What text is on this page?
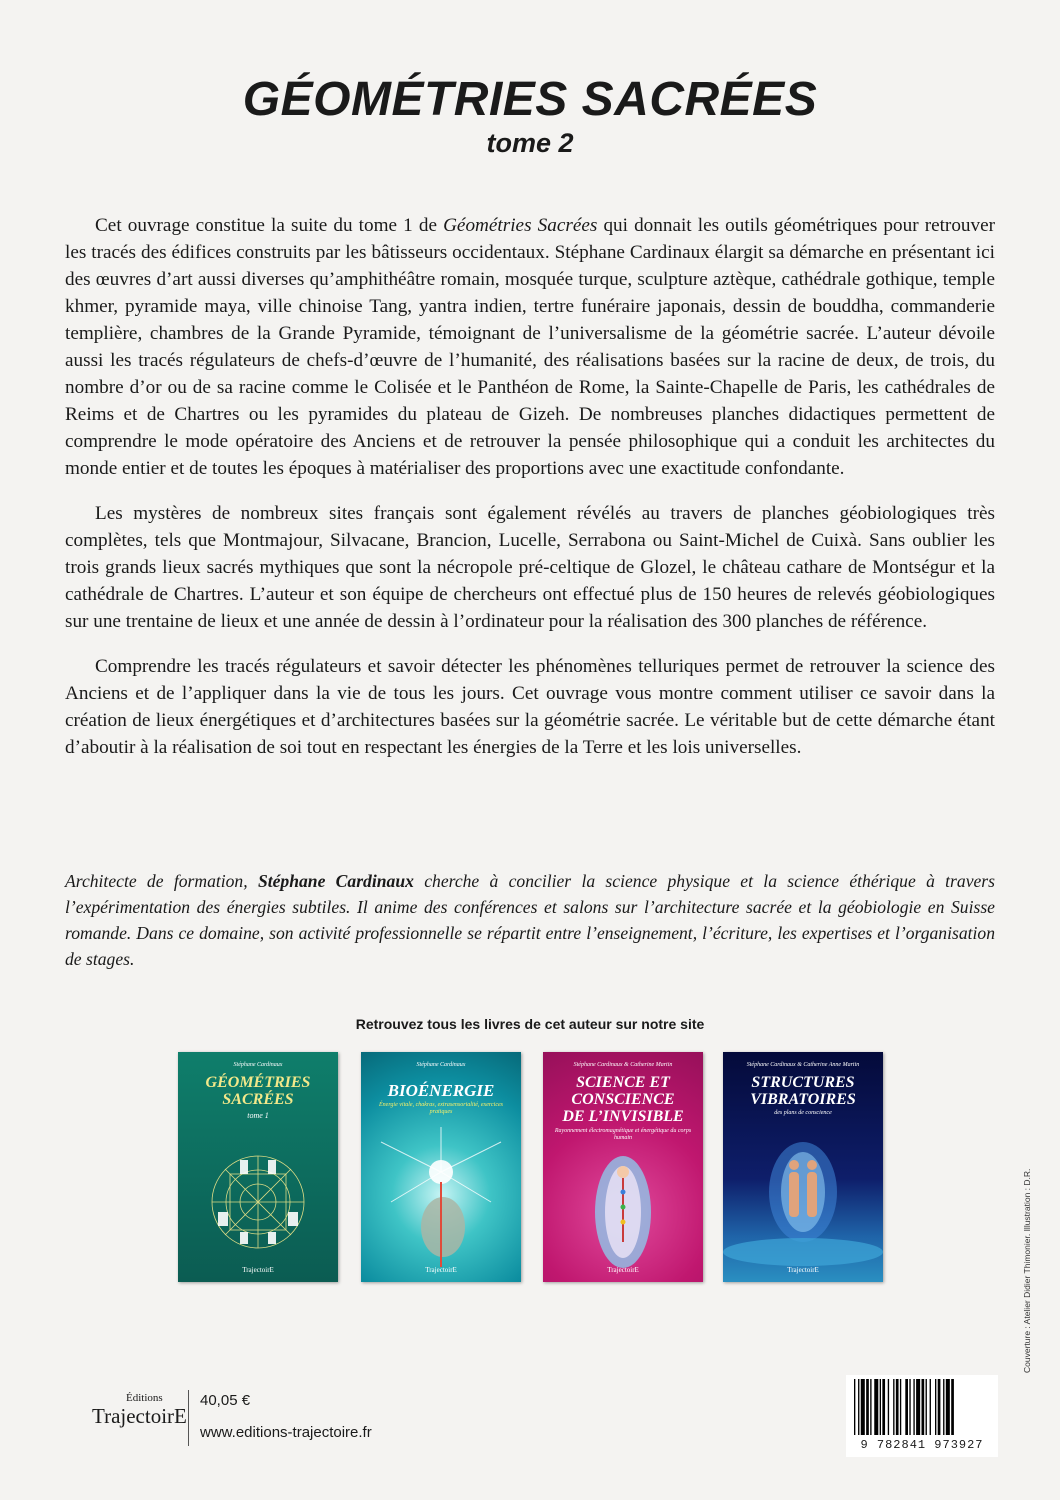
GÉOMÉTRIES SACRÉES
tome 2

Cet ouvrage constitue la suite du tome 1 de Géométries Sacrées qui donnait les outils géométriques pour retrouver les tracés des édifices construits par les bâtisseurs occidentaux. Stéphane Cardinaux élargit sa démarche en présentant ici des œuvres d’art aussi diverses qu’amphithéâtre romain, mosquée turque, sculpture aztèque, cathédrale gothique, temple khmer, pyramide maya, ville chinoise Tang, yantra indien, tertre funéraire japonais, dessin de bouddha, commanderie templière, chambres de la Grande Pyramide, témoignant de l’universalisme de la géométrie sacrée. L’auteur dévoile aussi les tracés régulateurs de chefs-d’œuvre de l’humanité, des réalisations basées sur la racine de deux, de trois, du nombre d’or ou de sa racine comme le Colisée et le Panthéon de Rome, la Sainte-Chapelle de Paris, les cathédrales de Reims et de Chartres ou les pyramides du plateau de Gizeh. De nombreuses planches didactiques permettent de comprendre le mode opératoire des Anciens et de retrouver la pensée philosophique qui a conduit les architectes du monde entier et de toutes les époques à matérialiser des proportions avec une exactitude confondante.

Les mystères de nombreux sites français sont également révélés au travers de planches géobiologiques très complètes, tels que Montmajour, Silvacane, Brancion, Lucelle, Serrabona ou Saint-Michel de Cuixà. Sans oublier les trois grands lieux sacrés mythiques que sont la nécropole pré-celtique de Glozel, le château cathare de Montségur et la cathédrale de Chartres. L’auteur et son équipe de chercheurs ont effectué plus de 150 heures de relevés géobiologiques sur une trentaine de lieux et une année de dessin à l’ordinateur pour la réalisation des 300 planches de référence.

Comprendre les tracés régulateurs et savoir détecter les phénomènes telluriques permet de retrouver la science des Anciens et de l’appliquer dans la vie de tous les jours. Cet ouvrage vous montre comment utiliser ce savoir dans la création de lieux énergétiques et d’architectures basées sur la géométrie sacrée. Le véritable but de cette démarche étant d’aboutir à la réalisation de soi tout en respectant les énergies de la Terre et les lois universelles.

Architecte de formation, Stéphane Cardinaux cherche à concilier la science physique et la science éthérique à travers l’expérimentation des énergies subtiles. Il anime des conférences et salons sur l’architecture sacrée et la géobiologie en Suisse romande. Dans ce domaine, son activité professionnelle se répartit entre l’enseignement, l’écriture, les expertises et l’organisation de stages.

Retrouvez tous les livres de cet auteur sur notre site

Stéphane Cardinaux
GÉOMÉTRIES
SACRÉES
tome 1
TrajectoirE
Stéphane Cardinaux
BIOÉNERGIE
Énergie vitale, chakras, extrasensorialité, exercices pratiques
TrajectoirE
Stéphane Cardinaux & Catherine Martin
SCIENCE ET
CONSCIENCE
DE L’INVISIBLE
Rayonnement électromagnétique et énergétique du corps humain
TrajectoirE
Stéphane Cardinaux & Catherine Anne Martin
STRUCTURES
VIBRATOIRES
des plans de conscience
TrajectoirE
Éditions
TrajectoirE

40,05 €

www.editions-trajectoire.fr

9 782841 973927

Couverture : Atelier Didier Thimonier. Illustration : D.R.
